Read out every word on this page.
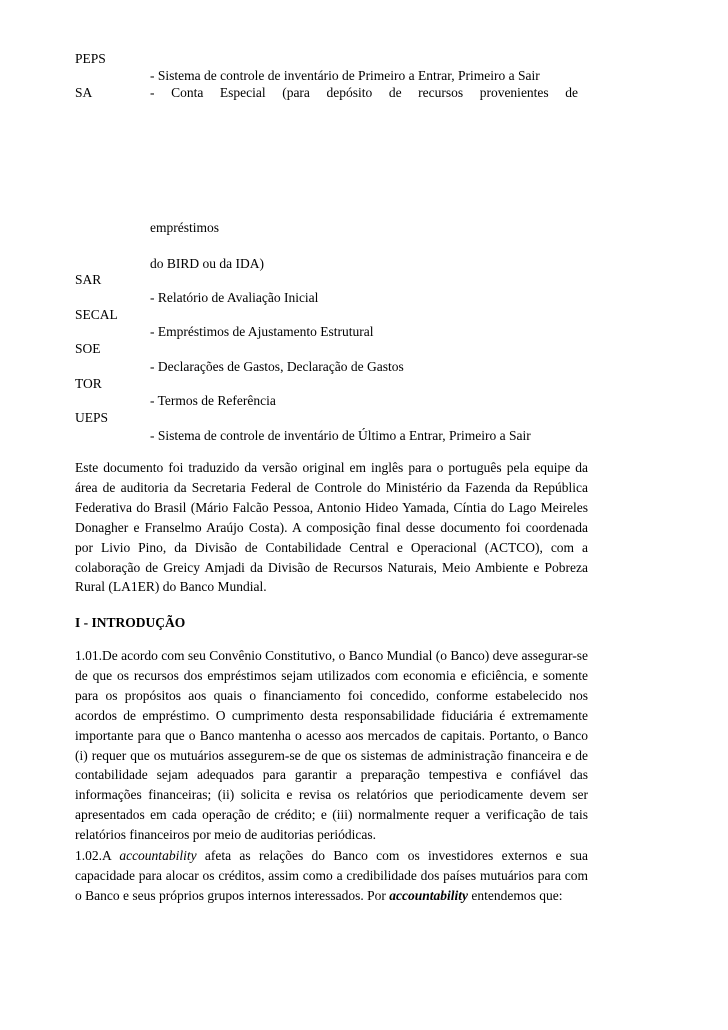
PEPS
- Sistema de controle de inventário de Primeiro a Entrar, Primeiro a Sair
SA	- Conta Especial (para depósito de recursos provenientes de
empréstimos
do BIRD ou da IDA)
SAR
- Relatório de Avaliação Inicial
SECAL
- Empréstimos de Ajustamento Estrutural
SOE
- Declarações de Gastos, Declaração de Gastos
TOR
- Termos de Referência
UEPS
- Sistema de controle de inventário de Último a Entrar, Primeiro a Sair

Este documento foi traduzido da versão original em inglês para o português pela equipe da área de auditoria da Secretaria Federal de Controle do Ministério da Fazenda da República Federativa do Brasil (Mário Falcão Pessoa, Antonio Hideo Yamada, Cíntia do Lago Meireles Donagher e Franselmo Araújo Costa). A composição final desse documento foi coordenada por Livio Pino, da Divisão de Contabilidade Central e Operacional (ACTCO), com a colaboração de Greicy Amjadi da Divisão de Recursos Naturais, Meio Ambiente e Pobreza Rural (LA1ER) do Banco Mundial.

I - INTRODUÇÃO

1.01.De acordo com seu Convênio Constitutivo, o Banco Mundial (o Banco) deve assegurar-se de que os recursos dos empréstimos sejam utilizados com economia e eficiência, e somente para os propósitos aos quais o financiamento foi concedido, conforme estabelecido nos acordos de empréstimo. O cumprimento desta responsabilidade fiduciária é extremamente importante para que o Banco mantenha o acesso aos mercados de capitais. Portanto, o Banco (i) requer que os mutuários assegurem-se de que os sistemas de administração financeira e de contabilidade sejam adequados para garantir a preparação tempestiva e confiável das informações financeiras; (ii) solicita e revisa os relatórios que periodicamente devem ser apresentados em cada operação de crédito; e (iii) normalmente requer a verificação de tais relatórios financeiros por meio de auditorias periódicas.

1.02.A accountability afeta as relações do Banco com os investidores externos e sua capacidade para alocar os créditos, assim como a credibilidade dos países mutuários para com o Banco e seus próprios grupos internos interessados. Por accountability entendemos que:
